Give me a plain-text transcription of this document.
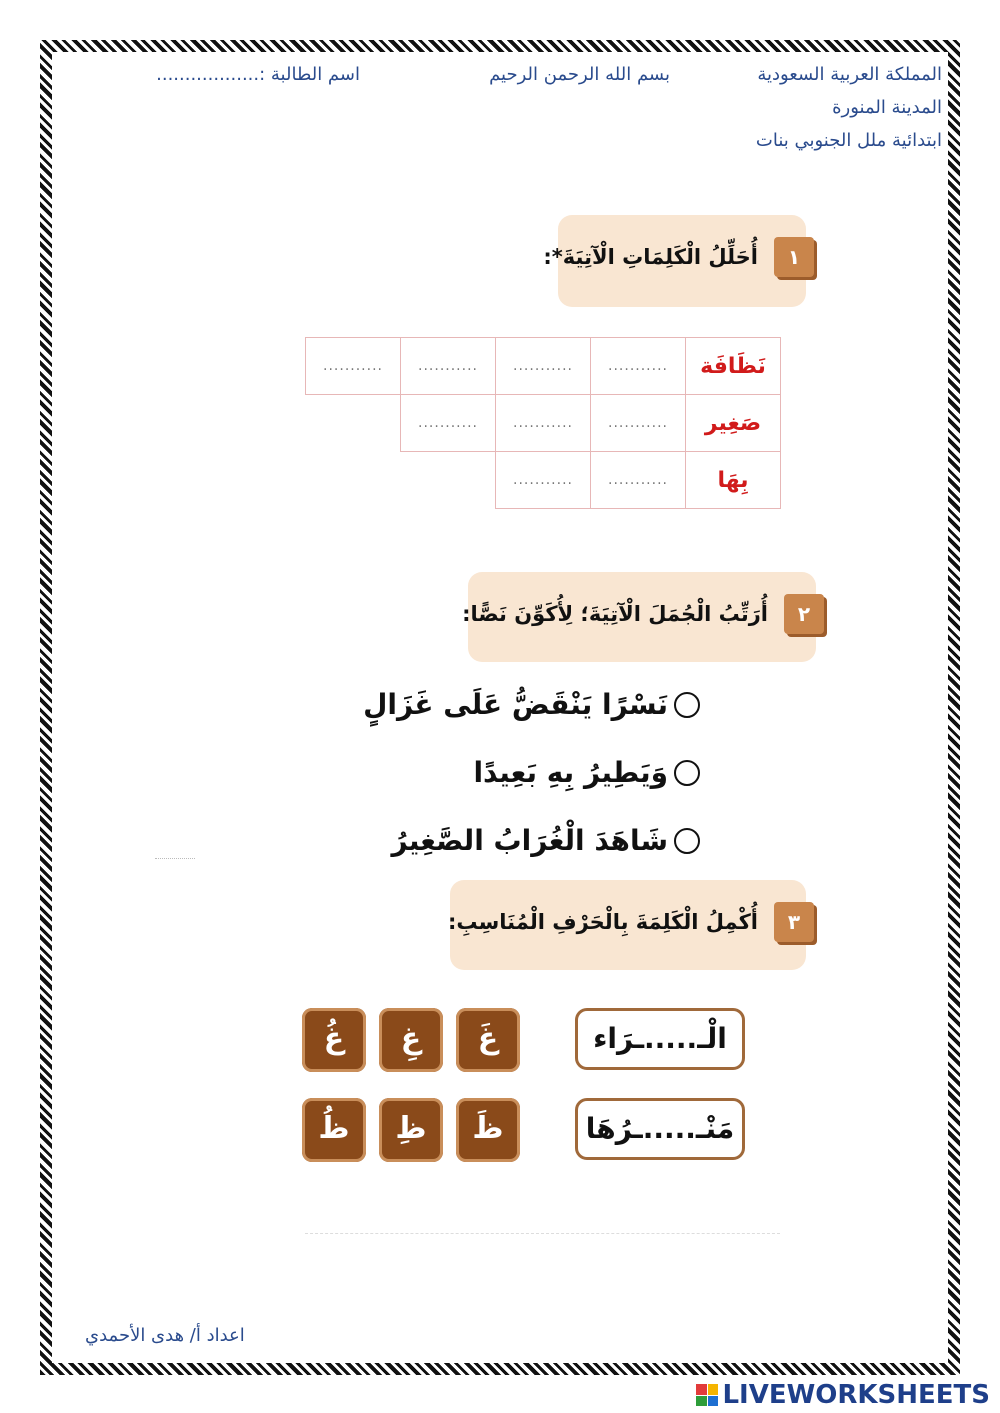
المملكة العربية السعودية
المدينة المنورة
ابتدائية ملل الجنوبي بنات
بسم الله الرحمن الرحيم
اسم الطالبة :..................
١
أُحَلِّلُ الْكَلِمَاتِ الْآتِيَةَ*:
نَظَافَة	...........	...........	...........	...........
صَغِير	...........	...........	...........	
بِهَا	...........	...........		
٢
أُرَتِّبُ الْجُمَلَ الْآتِيَةَ؛ لِأُكَوِّنَ نَصًّا:
نَسْرًا يَنْقَضُّ عَلَى غَزَالٍ
وَيَطِيرُ بِهِ بَعِيدًا
شَاهَدَ الْغُرَابُ الصَّغِيرُ
٣
أُكْمِلُ الْكَلِمَةَ بِالْحَرْفِ الْمُنَاسِبِ:
الْـ.....ـرَاء
مَنْـ.....ـرُهَا
غَ
غِ
غُ
ظَ
ظِ
ظُ
اعداد أ/ هدى الأحمدي
LIVEWORKSHEETS
